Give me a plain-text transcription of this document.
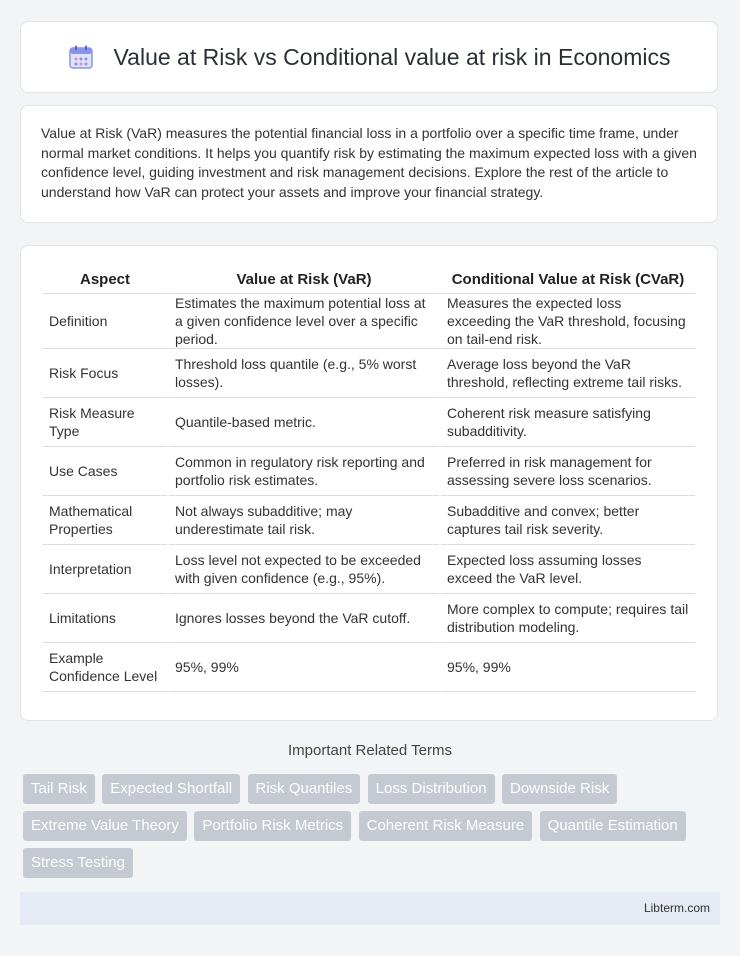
Value at Risk vs Conditional value at risk in Economics

Value at Risk (VaR) measures the potential financial loss in a portfolio over a specific time frame, under normal market conditions. It helps you quantify risk by estimating the maximum expected loss with a given confidence level, guiding investment and risk management decisions. Explore the rest of the article to understand how VaR can protect your assets and improve your financial strategy.

Aspect	Value at Risk (VaR)	Conditional Value at Risk (CVaR)
Definition	Estimates the maximum potential loss at a given confidence level over a specific period.	Measures the expected loss exceeding the VaR threshold, focusing on tail-end risk.
Risk Focus	Threshold loss quantile (e.g., 5% worst losses).	Average loss beyond the VaR threshold, reflecting extreme tail risks.
Risk Measure Type	Quantile-based metric.	Coherent risk measure satisfying subadditivity.
Use Cases	Common in regulatory risk reporting and portfolio risk estimates.	Preferred in risk management for assessing severe loss scenarios.
Mathematical Properties	Not always subadditive; may underestimate tail risk.	Subadditive and convex; better captures tail risk severity.
Interpretation	Loss level not expected to be exceeded with given confidence (e.g., 95%).	Expected loss assuming losses exceed the VaR level.
Limitations	Ignores losses beyond the VaR cutoff.	More complex to compute; requires tail distribution modeling.
Example Confidence Level	95%, 99%	95%, 99%
Important Related Terms
Tail Risk Expected Shortfall Risk Quantiles Loss Distribution Downside Risk Extreme Value Theory Portfolio Risk Metrics Coherent Risk Measure Quantile Estimation Stress Testing
Libterm.com
